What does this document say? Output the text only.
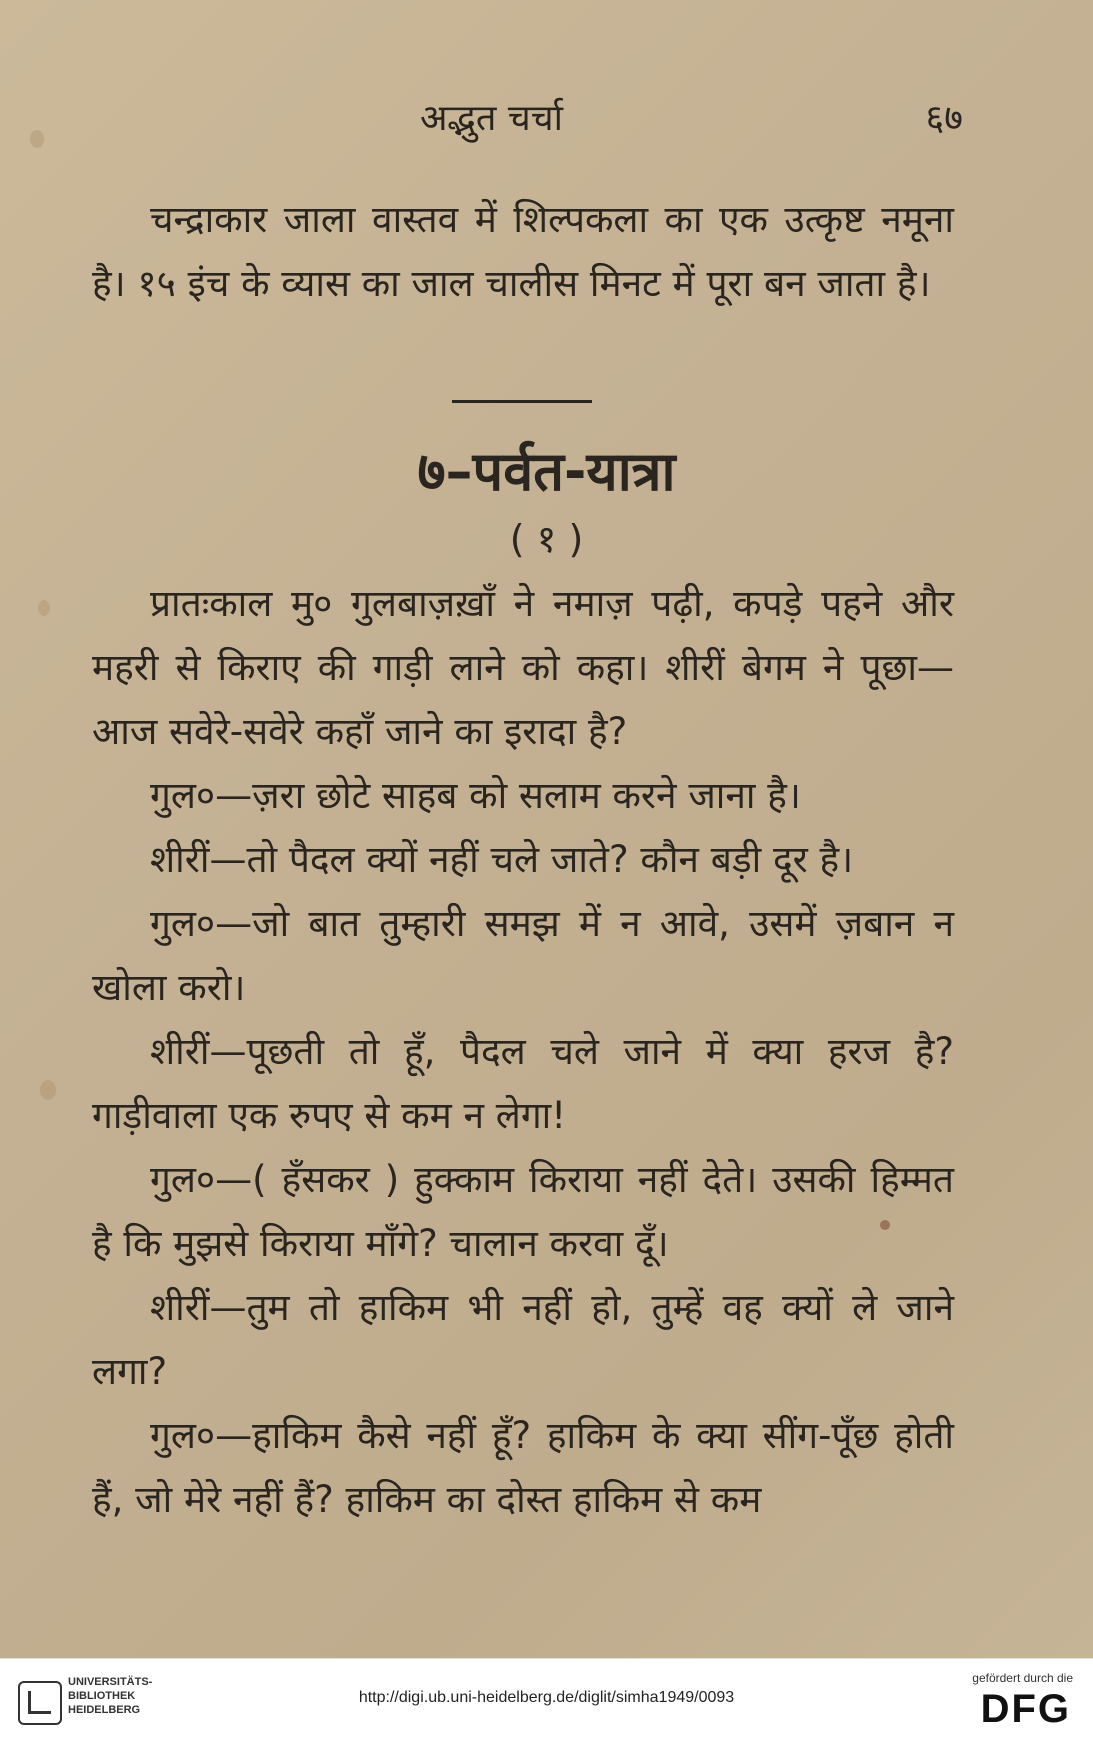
अद्भुत चर्चा	६७

चन्द्राकार जाला वास्तव में शिल्पकला का एक उत्कृष्ट नमूना है। १५ इंच के व्यास का जाल चालीस मिनट में पूरा बन जाता है।

७–पर्वत-यात्रा
( १ )

प्रातःकाल मु० गुलबाज़ख़ाँ ने नमाज़ पढ़ी, कपड़े पहने और महरी से किराए की गाड़ी लाने को कहा। शीरीं बेगम ने पूछा—आज सवेरे-सवेरे कहाँ जाने का इरादा है?

गुल०—ज़रा छोटे साहब को सलाम करने जाना है।

शीरीं—तो पैदल क्यों नहीं चले जाते? कौन बड़ी दूर है।

गुल०—जो बात तुम्हारी समझ में न आवे, उसमें ज़बान न खोला करो।

शीरीं—पूछती तो हूँ, पैदल चले जाने में क्या हरज है? गाड़ीवाला एक रुपए से कम न लेगा!

गुल०—( हँसकर ) हुक्काम किराया नहीं देते। उसकी हिम्मत है कि मुझसे किराया माँगे? चालान करवा दूँ।

शीरीं—तुम तो हाकिम भी नहीं हो, तुम्हें वह क्यों ले जाने लगा?

गुल०—हाकिम कैसे नहीं हूँ? हाकिम के क्या सींग-पूँछ होती हैं, जो मेरे नहीं हैं? हाकिम का दोस्त हाकिम से कम

UNIVERSITÄTS-
BIBLIOTHEK
HEIDELBERG
http://digi.ub.uni-heidelberg.de/diglit/simha1949/0093
gefördert durch die
DFG
